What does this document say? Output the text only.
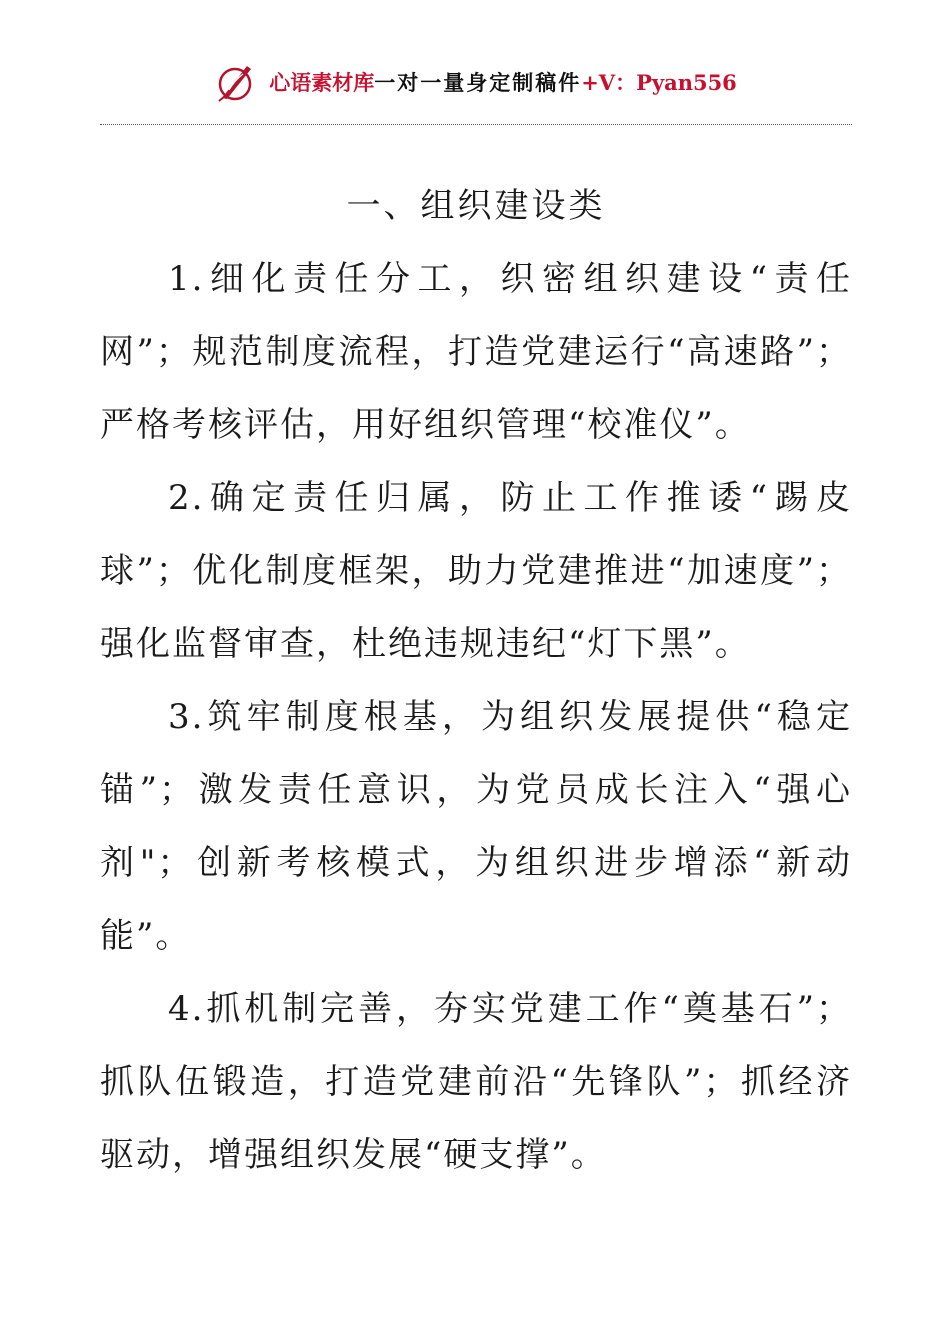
心语素材库一对一量身定制稿件+V：Pyan556
一、组织建设类

1.细化责任分工，织密组织建设“责任网”；规范制度流程，打造党建运行“高速路”；严格考核评估，用好组织管理“校准仪”。

2.确定责任归属，防止工作推诿“踢皮球”；优化制度框架，助力党建推进“加速度”；强化监督审查，杜绝违规违纪“灯下黑”。

3.筑牢制度根基，为组织发展提供“稳定锚”；激发责任意识，为党员成长注入“强心剂"；创新考核模式，为组织进步增添“新动能”。

4.抓机制完善，夯实党建工作“奠基石”；抓队伍锻造，打造党建前沿“先锋队”；抓经济驱动，增强组织发展“硬支撑”。
